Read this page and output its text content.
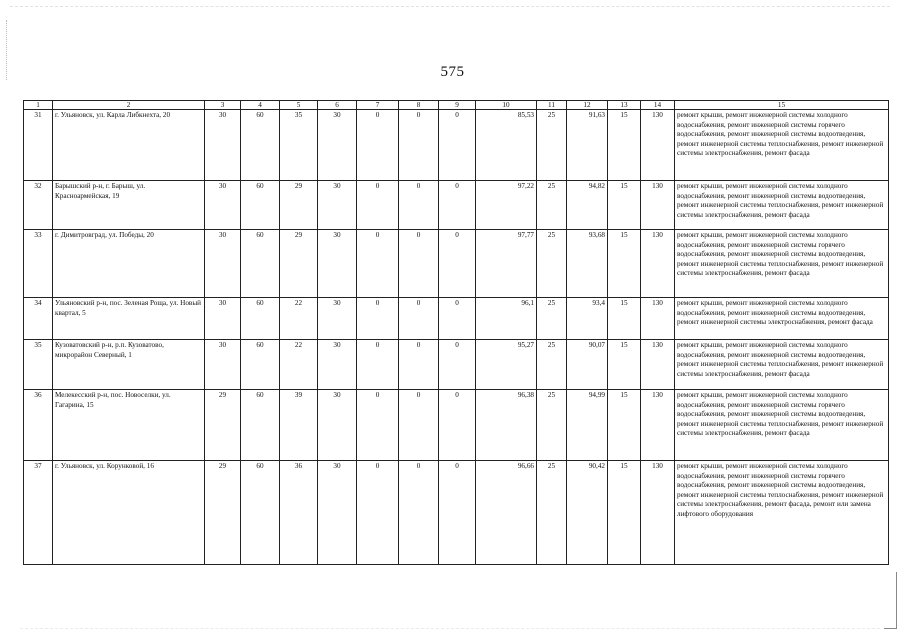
575
1	2	3	4	5	6	7	8	9	10	11	12	13	14	15
31	г. Ульяновск, ул. Карла Либкнехта, 20	30	60	35	30	0	0	0	85,53	25	91,63	15	130	ремонт крыши, ремонт инженерной системы холодного водоснабжения, ремонт инженерной системы горячего водоснабжения, ремонт инженерной системы водоотведения, ремонт инженерной системы теплоснабжения, ремонт инженерной системы электроснабжения, ремонт фасада
32	Барышский р-н, г. Барыш, ул. Красноармейская, 19	30	60	29	30	0	0	0	97,22	25	94,82	15	130	ремонт крыши, ремонт инженерной системы холодного водоснабжения, ремонт инженерной системы водоотведения, ремонт инженерной системы теплоснабжения, ремонт инженерной системы электроснабжения, ремонт фасада
33	г. Димитровград, ул. Победы, 20	30	60	29	30	0	0	0	97,77	25	93,68	15	130	ремонт крыши, ремонт инженерной системы холодного водоснабжения, ремонт инженерной системы горячего водоснабжения, ремонт инженерной системы водоотведения, ремонт инженерной системы теплоснабжения, ремонт инженерной системы электроснабжения, ремонт фасада
34	Ульяновский р-н, пос. Зеленая Роща, ул. Новый квартал, 5	30	60	22	30	0	0	0	96,1	25	93,4	15	130	ремонт крыши, ремонт инженерной системы холодного водоснабжения, ремонт инженерной системы водоотведения, ремонт инженерной системы электроснабжения, ремонт фасада
35	Кузоватовский р-н, р.п. Кузоватово, микрорайон Северный, 1	30	60	22	30	0	0	0	95,27	25	90,07	15	130	ремонт крыши, ремонт инженерной системы холодного водоснабжения, ремонт инженерной системы водоотведения, ремонт инженерной системы теплоснабжения, ремонт инженерной системы электроснабжения, ремонт фасада
36	Мелекесский р-н, пос. Новоселки, ул. Гагарина, 15	29	60	39	30	0	0	0	96,38	25	94,99	15	130	ремонт крыши, ремонт инженерной системы холодного водоснабжения, ремонт инженерной системы горячего водоснабжения, ремонт инженерной системы водоотведения, ремонт инженерной системы теплоснабжения, ремонт инженерной системы электроснабжения, ремонт фасада
37	г. Ульяновск, ул. Корунковой, 16	29	60	36	30	0	0	0	96,66	25	90,42	15	130	ремонт крыши, ремонт инженерной системы холодного водоснабжения, ремонт инженерной системы горячего водоснабжения, ремонт инженерной системы водоотведения, ремонт инженерной системы теплоснабжения, ремонт инженерной системы электроснабжения, ремонт фасада, ремонт или замена лифтового оборудования
